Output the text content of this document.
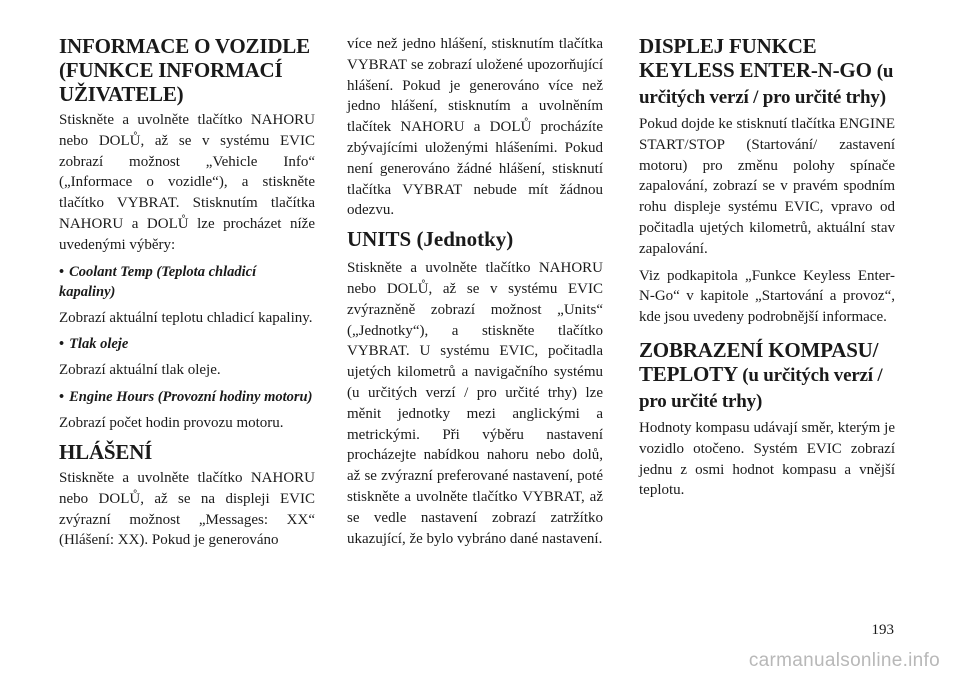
INFORMACE O VOZIDLE (FUNKCE INFORMACÍ UŽIVATELE)

Stiskněte a uvolněte tlačítko NAHORU nebo DOLŮ, až se v systému EVIC zobrazí možnost „Vehicle Info“ („Informace o vozidle“), a stiskněte tlačítko VYBRAT. Stisknutím tlačítka NAHORU a DOLŮ lze procházet níže uvedenými výběry:

• Coolant Temp (Teplota chladicí kapaliny)

Zobrazí aktuální teplotu chladicí kapaliny.

• Tlak oleje

Zobrazí aktuální tlak oleje.

• Engine Hours (Provozní hodiny motoru)

Zobrazí počet hodin provozu motoru.

HLÁŠENÍ

Stiskněte a uvolněte tlačítko NAHORU nebo DOLŮ, až se na displeji EVIC zvýrazní možnost „Messages: XX“ (Hlášení: XX). Pokud je generováno

více než jedno hlášení, stisknutím tlačítka VYBRAT se zobrazí uložené upozorňující hlášení. Pokud je generováno více než jedno hlášení, stisknutím a uvolněním tlačítek NAHORU a DOLŮ procházíte zbývajícími uloženými hlášeními. Pokud není generováno žádné hlášení, stisknutí tlačítka VYBRAT nebude mít žádnou odezvu.

UNITS (Jednotky)

Stiskněte a uvolněte tlačítko NAHORU nebo DOLŮ, až se v systému EVIC zvýrazněně zobrazí možnost „Units“ („Jednotky“), a stiskněte tlačítko VYBRAT. U systému EVIC, počitadla ujetých kilometrů a navigačního systému (u určitých verzí / pro určité trhy) lze měnit jednotky mezi anglickými a metrickými. Při výběru nastavení procházejte nabídkou nahoru nebo dolů, až se zvýrazní preferované nastavení, poté stiskněte a uvolněte tlačítko VYBRAT, až se vedle nastavení zobrazí zatržítko ukazující, že bylo vybráno dané nastavení.

DISPLEJ FUNKCE KEYLESS ENTER-N-GO (u určitých verzí / pro určité trhy)

Pokud dojde ke stisknutí tlačítka ENGINE START/STOP (Startování/ zastavení motoru) pro změnu polohy spínače zapalování, zobrazí se v pravém spodním rohu displeje systému EVIC, vpravo od počitadla ujetých kilometrů, aktuální stav zapalování.

Viz podkapitola „Funkce Keyless Enter-N-Go“ v kapitole „Startování a provoz“, kde jsou uvedeny podrobnější informace.

ZOBRAZENÍ KOMPASU/ TEPLOTY (u určitých verzí / pro určité trhy)

Hodnoty kompasu udávají směr, kterým je vozidlo otočeno. Systém EVIC zobrazí jednu z osmi hodnot kompasu a vnější teplotu.

193
carmanualsonline.info
